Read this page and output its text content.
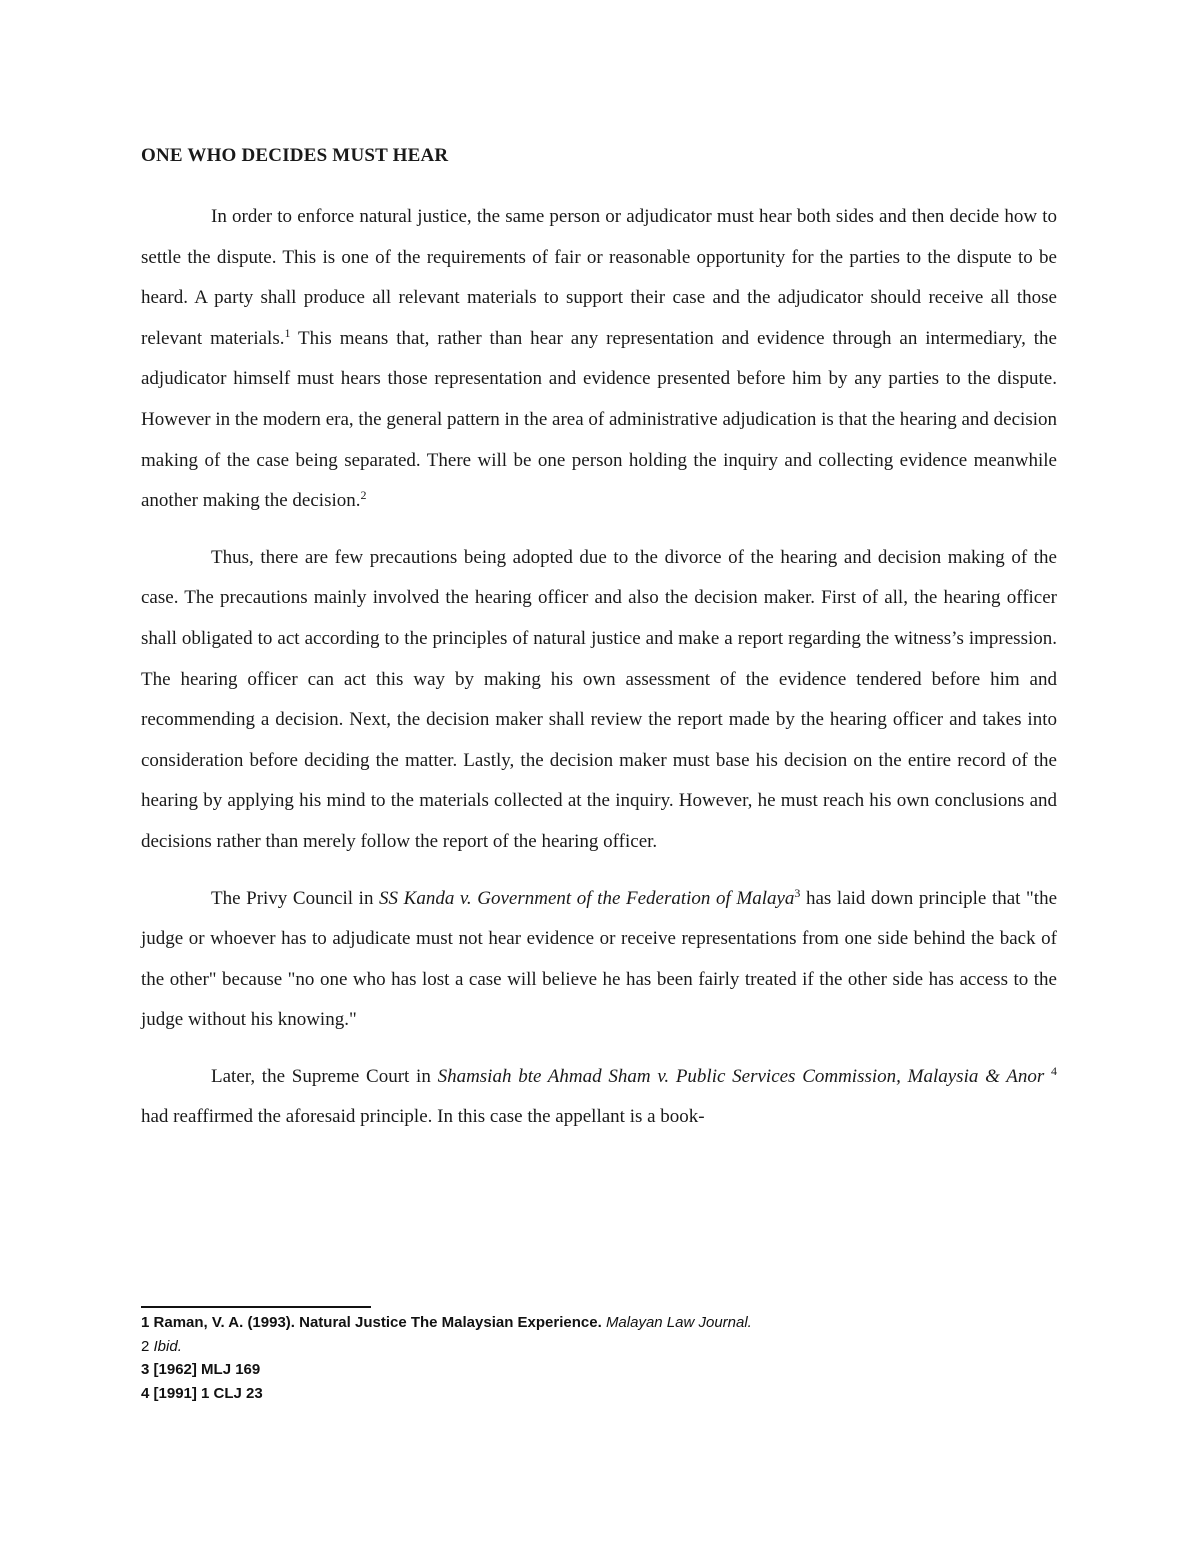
ONE WHO DECIDES MUST HEAR

In order to enforce natural justice, the same person or adjudicator must hear both sides and then decide how to settle the dispute. This is one of the requirements of fair or reasonable opportunity for the parties to the dispute to be heard. A party shall produce all relevant materials to support their case and the adjudicator should receive all those relevant materials.$^1$ This means that, rather than hear any representation and evidence through an intermediary, the adjudicator himself must hears those representation and evidence presented before him by any parties to the dispute. However in the modern era, the general pattern in the area of administrative adjudication is that the hearing and decision making of the case being separated. There will be one person holding the inquiry and collecting evidence meanwhile another making the decision.$^2$

Thus, there are few precautions being adopted due to the divorce of the hearing and decision making of the case. The precautions mainly involved the hearing officer and also the decision maker. First of all, the hearing officer shall obligated to act according to the principles of natural justice and make a report regarding the witness’s impression. The hearing officer can act this way by making his own assessment of the evidence tendered before him and recommending a decision. Next, the decision maker shall review the report made by the hearing officer and takes into consideration before deciding the matter. Lastly, the decision maker must base his decision on the entire record of the hearing by applying his mind to the materials collected at the inquiry. However, he must reach his own conclusions and decisions rather than merely follow the report of the hearing officer.

The Privy Council in SS Kanda v. Government of the Federation of Malaya$^3$ has laid down principle that "the judge or whoever has to adjudicate must not hear evidence or receive representations from one side behind the back of the other" because "no one who has lost a case will believe he has been fairly treated if the other side has access to the judge without his knowing."

Later, the Supreme Court in Shamsiah bte Ahmad Sham v. Public Services Commission, Malaysia & Anor $^4$ had reaffirmed the aforesaid principle. In this case the appellant is a book-

1 Raman, V. A. (1993). Natural Justice The Malaysian Experience. Malayan Law Journal.
2 Ibid.
3 [1962] MLJ 169
4 [1991] 1 CLJ 23
